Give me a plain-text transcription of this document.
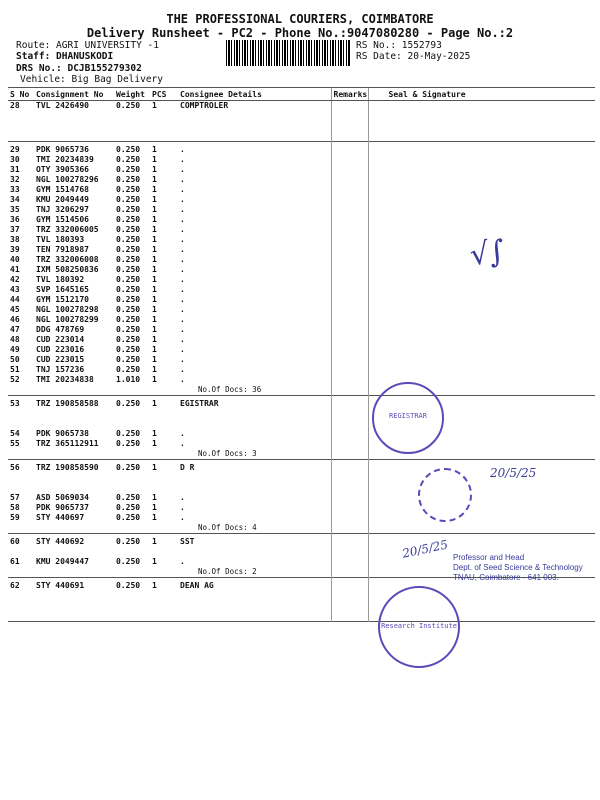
THE PROFESSIONAL COURIERS, COIMBATORE
Delivery Runsheet - PC2 - Phone No.:9047080280 - Page No.:2
Route: AGRI UNIVERSITY -1
Staff: DHANUSKODI
DRS No.: DCJB155279302
Vehicle: Big Bag Delivery
RS No.: 1552793
RS Date: 20-May-2025
S No	Consignment No	Weight	PCS	Consignee Details	Remarks	Seal & Signature
28	TVL 2426490	0.250	1	COMPTROLER		

29	PDK 9065736	0.250	1	.		
30	TMI 20234839	0.250	1	.		
31	OTY 3905366	0.250	1	.		
32	NGL 100278296	0.250	1	.		
33	GYM 1514768	0.250	1	.		
34	KMU 2049449	0.250	1	.		
35	TNJ 3206297	0.250	1	.		
36	GYM 1514506	0.250	1	.		
37	TRZ 332006005	0.250	1	.		
38	TVL 180393	0.250	1	.		
39	TEN 7918987	0.250	1	.		
40	TRZ 332006008	0.250	1	.		
41	IXM 508250836	0.250	1	.		
42	TVL 180392	0.250	1	.		
43	SVP 1645165	0.250	1	.		
44	GYM 1512170	0.250	1	.		
45	NGL 100278298	0.250	1	.		
46	NGL 100278299	0.250	1	.		
47	DDG 478769	0.250	1	.		
48	CUD 223014	0.250	1	.		
49	CUD 223016	0.250	1	.		
50	CUD 223015	0.250	1	.		
51	TNJ 157236	0.250	1	.		
52	TMI 20234838	1.010	1	.		
				No.Of Docs: 36		
53	TRZ 190858588	0.250	1	EGISTRAR		

54	PDK 9065738	0.250	1	.		
55	TRZ 365112911	0.250	1	.		
				No.Of Docs: 3		
56	TRZ 190858590	0.250	1	D R		

57	ASD 5069034	0.250	1	.		
58	PDK 9065737	0.250	1	.		
59	STY 440697	0.250	1	.		
				No.Of Docs: 4		
60	STY 440692	0.250	1	SST		

61	KMU 2049447	0.250	1	.		
				No.Of Docs: 2		
62	STY 440691	0.250	1	DEAN AG		

√∫
REGISTRAR
20/5/25
20/5/25 Professor and Head
Dept. of Seed Science & Technology
TNAU, Coimbatore - 641 003.
Research Institute
